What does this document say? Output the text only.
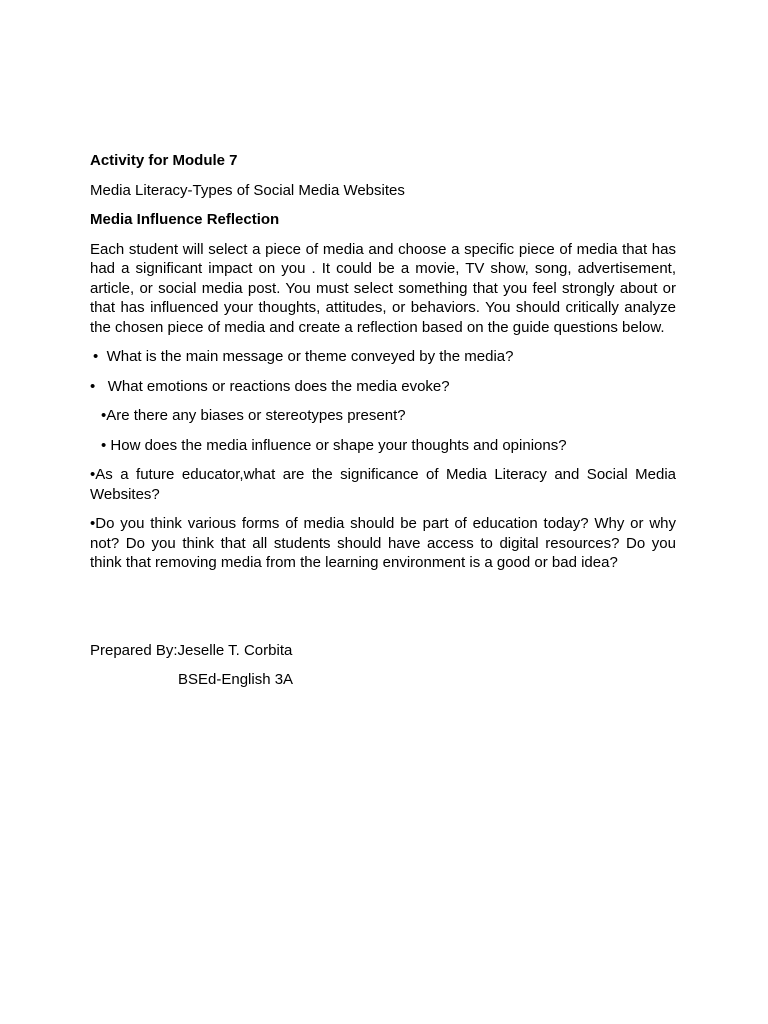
Activity for Module 7
Media Literacy-Types of Social Media Websites
Media Influence Reflection
Each student will select a piece of media and choose a specific piece of media that has had a significant impact on you . It could be a movie, TV show, song, advertisement, article, or social media post. You must select something that you feel strongly about or that has influenced your thoughts, attitudes, or behaviors. You should critically analyze the chosen piece of media and create a reflection based on the guide questions below.
•  What is the main message or theme conveyed by the media?
•   What emotions or reactions does the media evoke?
•Are there any biases or stereotypes present?
• How does the media influence or shape your thoughts and opinions?
•As a future educator,what are the significance of Media Literacy and Social Media Websites?
•Do you think various forms of media should be part of education today? Why or why not? Do you think that all students should have access to digital resources? Do you think that removing media from the learning environment is a good or bad idea?
Prepared By:Jeselle T. Corbita
BSEd-English 3A
